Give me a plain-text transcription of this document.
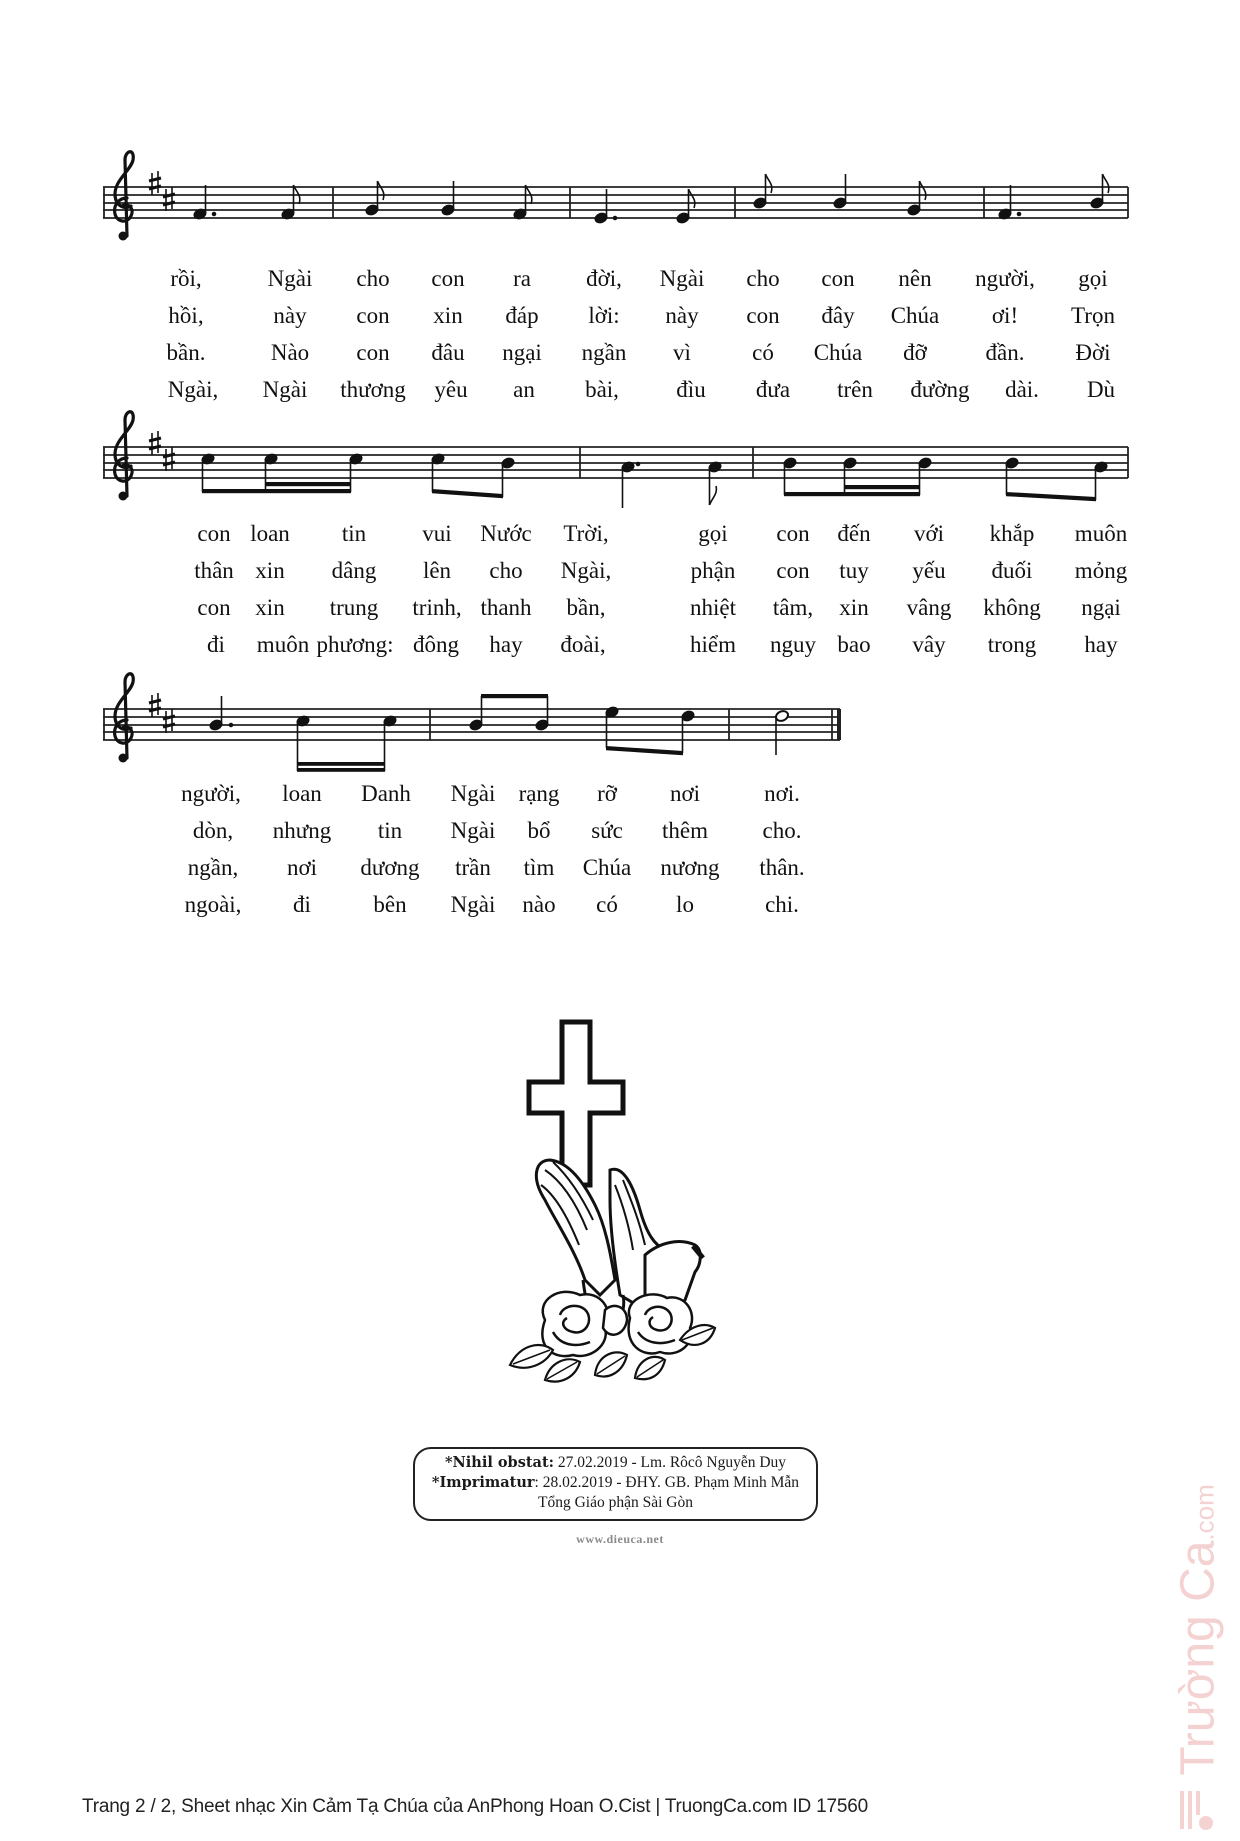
rồi,	Ngài cho con ra đời, Ngài cho con nên người, gọi
hồi,	này con xin đáp lời: này con đây Chúa ơi! Trọn
bần.	Nào con đâu ngại ngần vì	có Chúa đỡ	đần. Đời
Ngài, Ngài thương yêu an bài, đìu đưa trên đường dài. Dù
con loan tin vui Nước Trời,	gọi con đến với khắp muôn
thân xin dâng lên cho Ngài,	phận con tuy yếu đuối mỏng
con xin trung trinh, thanh bần,	nhiệt tâm, xin vâng không ngại
đi muôn phương: đông hay đoài,	hiểm nguy bao vây trong hay
người, loan Danh Ngài rạng rỡ nơi	nơi.
dòn, nhưng tin Ngài bổ sức thêm cho.
ngần, nơi dương trần tìm Chúa nương thân.
ngoài, đi	bên Ngài nào có	lo	chi.
*Nihil obstat: 27.02.2019 - Lm. Rôcô Nguyễn Duy
*Imprimatur: 28.02.2019 - ĐHY. GB. Phạm Minh Mẫn
Tổng Giáo phận Sài Gòn
www.dieuca.net
Trường Ca.com
Trang 2 / 2, Sheet nhạc Xin Cảm Tạ Chúa của AnPhong Hoan O.Cist | TruongCa.com ID 17560
